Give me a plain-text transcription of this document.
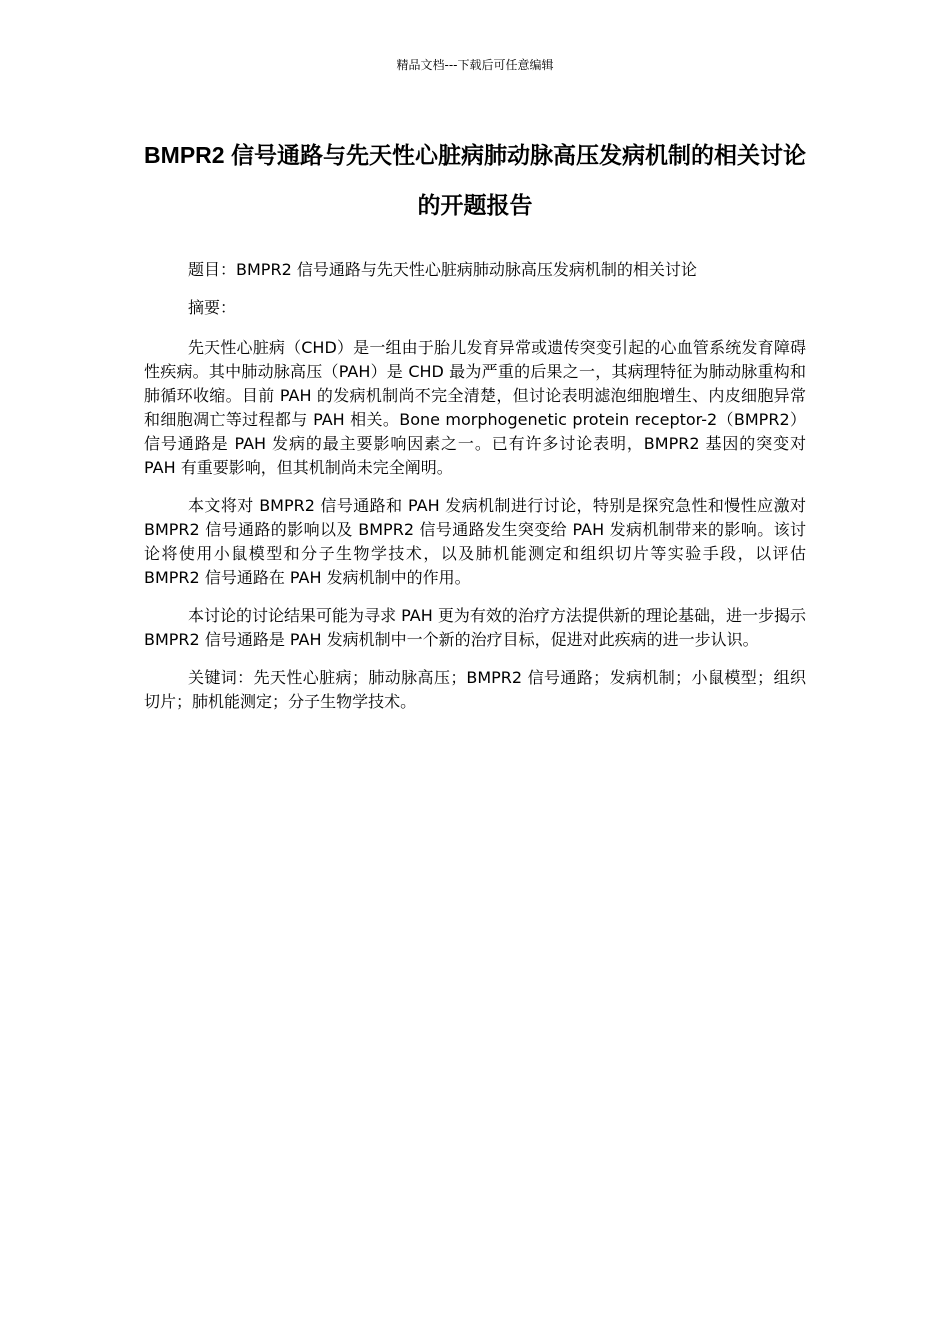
精品文档---下载后可任意编辑
BMPR2 信号通路与先天性心脏病肺动脉高压发病机制的相关讨论的开题报告

题目：BMPR2 信号通路与先天性心脏病肺动脉高压发病机制的相关讨论

摘要：

先天性心脏病（CHD）是一组由于胎儿发育异常或遗传突变引起的心血管系统发育障碍性疾病。其中肺动脉高压（PAH）是 CHD 最为严重的后果之一，其病理特征为肺动脉重构和肺循环收缩。目前 PAH 的发病机制尚不完全清楚，但讨论表明滤泡细胞增生、内皮细胞异常和细胞凋亡等过程都与 PAH 相关。Bone morphogenetic protein receptor-2（BMPR2）信号通路是 PAH 发病的最主要影响因素之一。已有许多讨论表明，BMPR2 基因的突变对 PAH 有重要影响，但其机制尚未完全阐明。

本文将对 BMPR2 信号通路和 PAH 发病机制进行讨论，特别是探究急性和慢性应激对 BMPR2 信号通路的影响以及 BMPR2 信号通路发生突变给 PAH 发病机制带来的影响。该讨论将使用小鼠模型和分子生物学技术，以及肺机能测定和组织切片等实验手段，以评估 BMPR2 信号通路在 PAH 发病机制中的作用。

本讨论的讨论结果可能为寻求 PAH 更为有效的治疗方法提供新的理论基础，进一步揭示 BMPR2 信号通路是 PAH 发病机制中一个新的治疗目标，促进对此疾病的进一步认识。

关键词：先天性心脏病 ； 肺动脉高压 ； BMPR2 信号通路 ； 发病机制 ； 小鼠模型 ； 组织切片 ； 肺机能测定 ； 分子生物学技术 。
